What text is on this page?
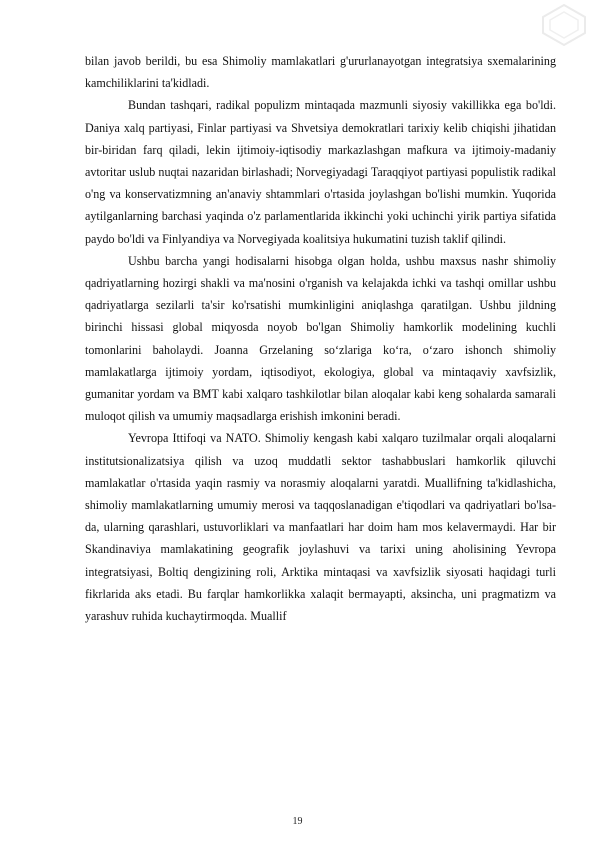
bilan javob berildi, bu esa Shimoliy mamlakatlari g'ururlanayotgan integratsiya sxemalarining kamchiliklarini ta'kidladi.

Bundan tashqari, radikal populizm mintaqada mazmunli siyosiy vakillikka ega bo'ldi. Daniya xalq partiyasi, Finlar partiyasi va Shvetsiya demokratlari tarixiy kelib chiqishi jihatidan bir-biridan farq qiladi, lekin ijtimoiy-iqtisodiy markazlashgan mafkura va ijtimoiy-madaniy avtoritar uslub nuqtai nazaridan birlashadi; Norvegiyadagi Taraqqiyot partiyasi populistik radikal o'ng va konservatizmning an'anaviy shtammlari o'rtasida joylashgan bo'lishi mumkin. Yuqorida aytilganlarning barchasi yaqinda o'z parlamentlarida ikkinchi yoki uchinchi yirik partiya sifatida paydo bo'ldi va Finlyandiya va Norvegiyada koalitsiya hukumatini tuzish taklif qilindi.

Ushbu barcha yangi hodisalarni hisobga olgan holda, ushbu maxsus nashr shimoliy qadriyatlarning hozirgi shakli va ma'nosini o'rganish va kelajakda ichki va tashqi omillar ushbu qadriyatlarga sezilarli ta'sir ko'rsatishi mumkinligini aniqlashga qaratilgan. Ushbu jildning birinchi hissasi global miqyosda noyob bo'lgan Shimoliy hamkorlik modelining kuchli tomonlarini baholaydi. Joanna Grzelaning so‘zlariga ko‘ra, o‘zaro ishonch shimoliy mamlakatlarga ijtimoiy yordam, iqtisodiyot, ekologiya, global va mintaqaviy xavfsizlik, gumanitar yordam va BMT kabi xalqaro tashkilotlar bilan aloqalar kabi keng sohalarda samarali muloqot qilish va umumiy maqsadlarga erishish imkonini beradi.

Yevropa Ittifoqi va NATO. Shimoliy kengash kabi xalqaro tuzilmalar orqali aloqalarni institutsionalizatsiya qilish va uzoq muddatli sektor tashabbuslari hamkorlik qiluvchi mamlakatlar o'rtasida yaqin rasmiy va norasmiy aloqalarni yaratdi. Muallifning ta'kidlashicha, shimoliy mamlakatlarning umumiy merosi va taqqoslanadigan e'tiqodlari va qadriyatlari bo'lsa-da, ularning qarashlari, ustuvorliklari va manfaatlari har doim ham mos kelavermaydi. Har bir Skandinaviya mamlakatining geografik joylashuvi va tarixi uning aholisining Yevropa integratsiyasi, Boltiq dengizining roli, Arktika mintaqasi va xavfsizlik siyosati haqidagi turli fikrlarida aks etadi. Bu farqlar hamkorlikka xalaqit bermayapti, aksincha, uni pragmatizm va yarashuv ruhida kuchaytirmoqda. Muallif

19
